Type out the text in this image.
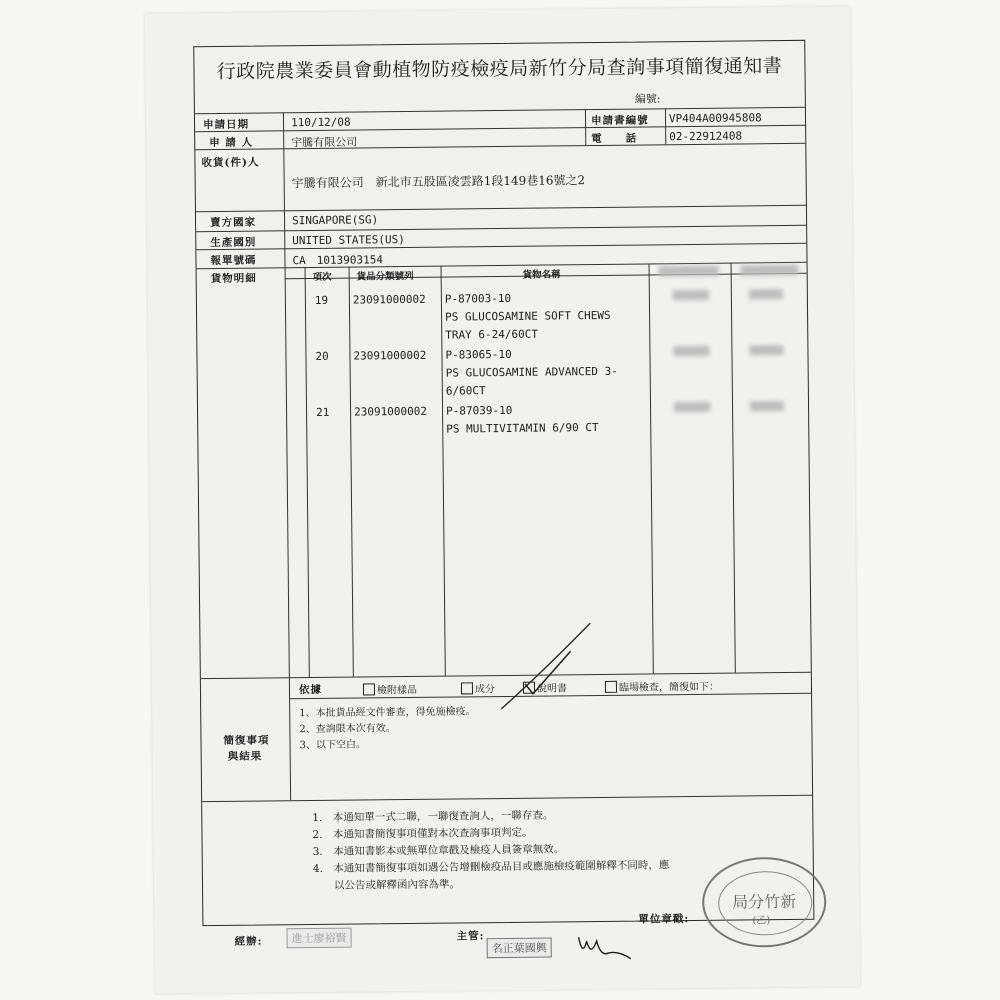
行政院農業委員會動植物防疫檢疫局新竹分局查詢事項簡復通知書
編號:
申請日期	110/12/08	申請書編號 VP404A00945808
申 請 人	宇騰有限公司	電　　話	02-22912408
收貨(件)人
宇騰有限公司　新北市五股區凌雲路1段149巷16號之2
賣方國家	SINGAPORE(SG)
生產國別	UNITED STATES(US)
報單號碼	CA　1013903154
貨物明細	項次	貨品分類號列	貨物名稱
19 23091000002 P-87003-10
PS GLUCOSAMINE SOFT CHEWS
TRAY 6-24/60CT
20 23091000002 P-83065-10
PS GLUCOSAMINE ADVANCED 3-
6/60CT
21 23091000002 P-87039-10
PS MULTIVITAMIN 6/90 CT
依據	檢附樣品	成分	說明書	臨場檢查，簡復如下：
1、本批貨品經文件審查，得免施檢疫。
2、查詢限本次有效。
3、以下空白。
簡復事項
與結果
1.　本通知單一式二聯，一聯復查詢人，一聯存查。
2.　本通知書簡復事項僅對本次查詢事項判定。
3.　本通知書影本或無單位章戳及檢疫人員簽章無效。
4.　本通知書簡復事項如遇公告增刪檢疫品目或應施檢疫範圍解釋不同時，應
　　以公告或解釋函內容為準。
經辦:	進士廖裕賢	主管:
名正葉國興
單位章戳:
局分竹新
(乙)
